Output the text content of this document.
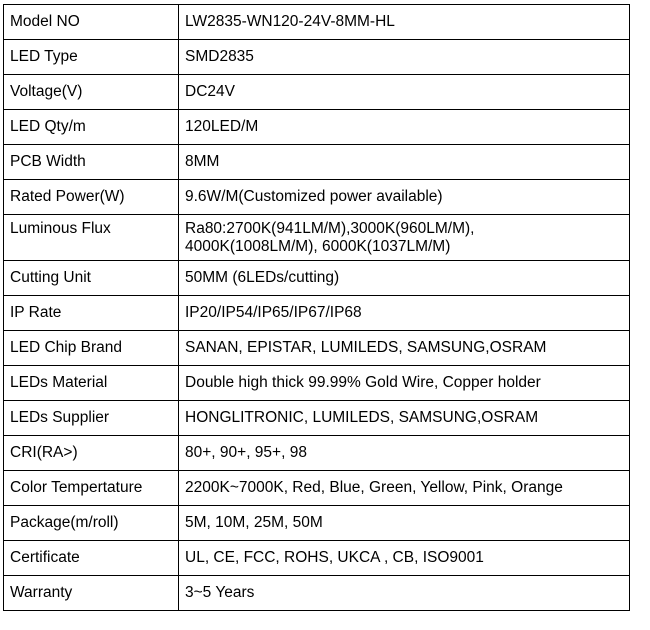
Model NO	LW2835-WN120-24V-8MM-HL
LED Type	SMD2835
Voltage(V)	DC24V
LED Qty/m	120LED/M
PCB Width	8MM
Rated Power(W)	9.6W/M(Customized power available)
Luminous Flux	Ra80:2700K(941LM/M),3000K(960LM/M),
4000K(1008LM/M), 6000K(1037LM/M)

Cutting Unit	50MM (6LEDs/cutting)
IP Rate	IP20/IP54/IP65/IP67/IP68
LED Chip Brand	SANAN, EPISTAR, LUMILEDS, SAMSUNG,OSRAM
LEDs Material	Double high thick 99.99% Gold Wire, Copper holder
LEDs Supplier	HONGLITRONIC, LUMILEDS, SAMSUNG,OSRAM
CRI(RA>)	80+, 90+, 95+, 98
Color Tempertature	2200K~7000K, Red, Blue, Green, Yellow, Pink, Orange
Package(m/roll)	5M, 10M, 25M, 50M
Certificate	UL, CE, FCC, ROHS, UKCA , CB, ISO9001
Warranty	3~5 Years
